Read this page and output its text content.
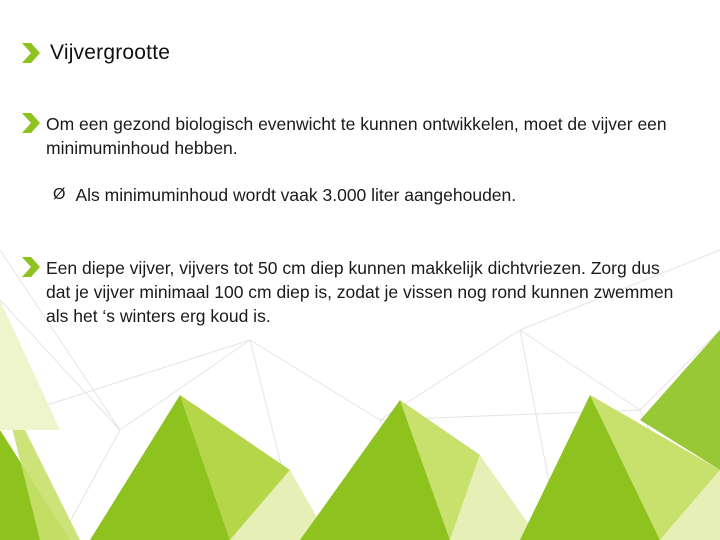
Vijvergrootte
Om een gezond biologisch evenwicht te kunnen ontwikkelen, moet de vijver een minimuminhoud hebben.
Ø Als minimuminhoud wordt vaak 3.000 liter aangehouden.
Een diepe vijver, vijvers tot 50 cm diep kunnen makkelijk dichtvriezen. Zorg dus dat je vijver minimaal 100 cm diep is, zodat je vissen nog rond kunnen zwemmen als het ‘s winters erg koud is.
